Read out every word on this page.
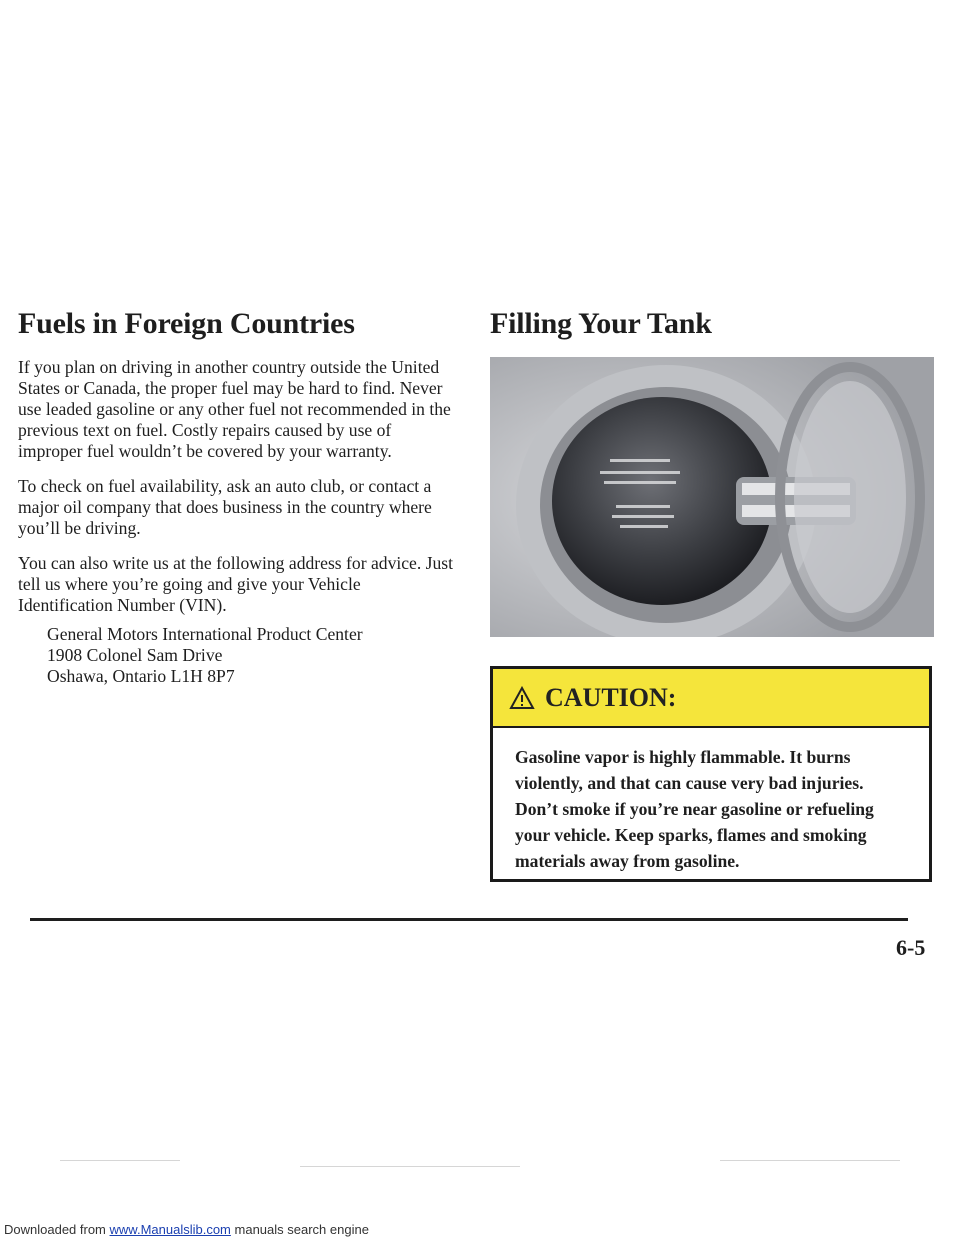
Fuels in Foreign Countries

If you plan on driving in another country outside the United States or Canada, the proper fuel may be hard to find. Never use leaded gasoline or any other fuel not recommended in the previous text on fuel. Costly repairs caused by use of improper fuel wouldn’t be covered by your warranty.

To check on fuel availability, ask an auto club, or contact a major oil company that does business in the country where you’ll be driving.

You can also write us at the following address for advice. Just tell us where you’re going and give your Vehicle Identification Number (VIN).

General Motors International Product Center
1908 Colonel Sam Drive
Oshawa, Ontario L1H 8P7
Filling Your Tank
CAUTION:
Gasoline vapor is highly flammable. It burns violently, and that can cause very bad injuries. Don’t smoke if you’re near gasoline or refueling your vehicle. Keep sparks, flames and smoking materials away from gasoline.
6-5
Downloaded from www.Manualslib.com manuals search engine
